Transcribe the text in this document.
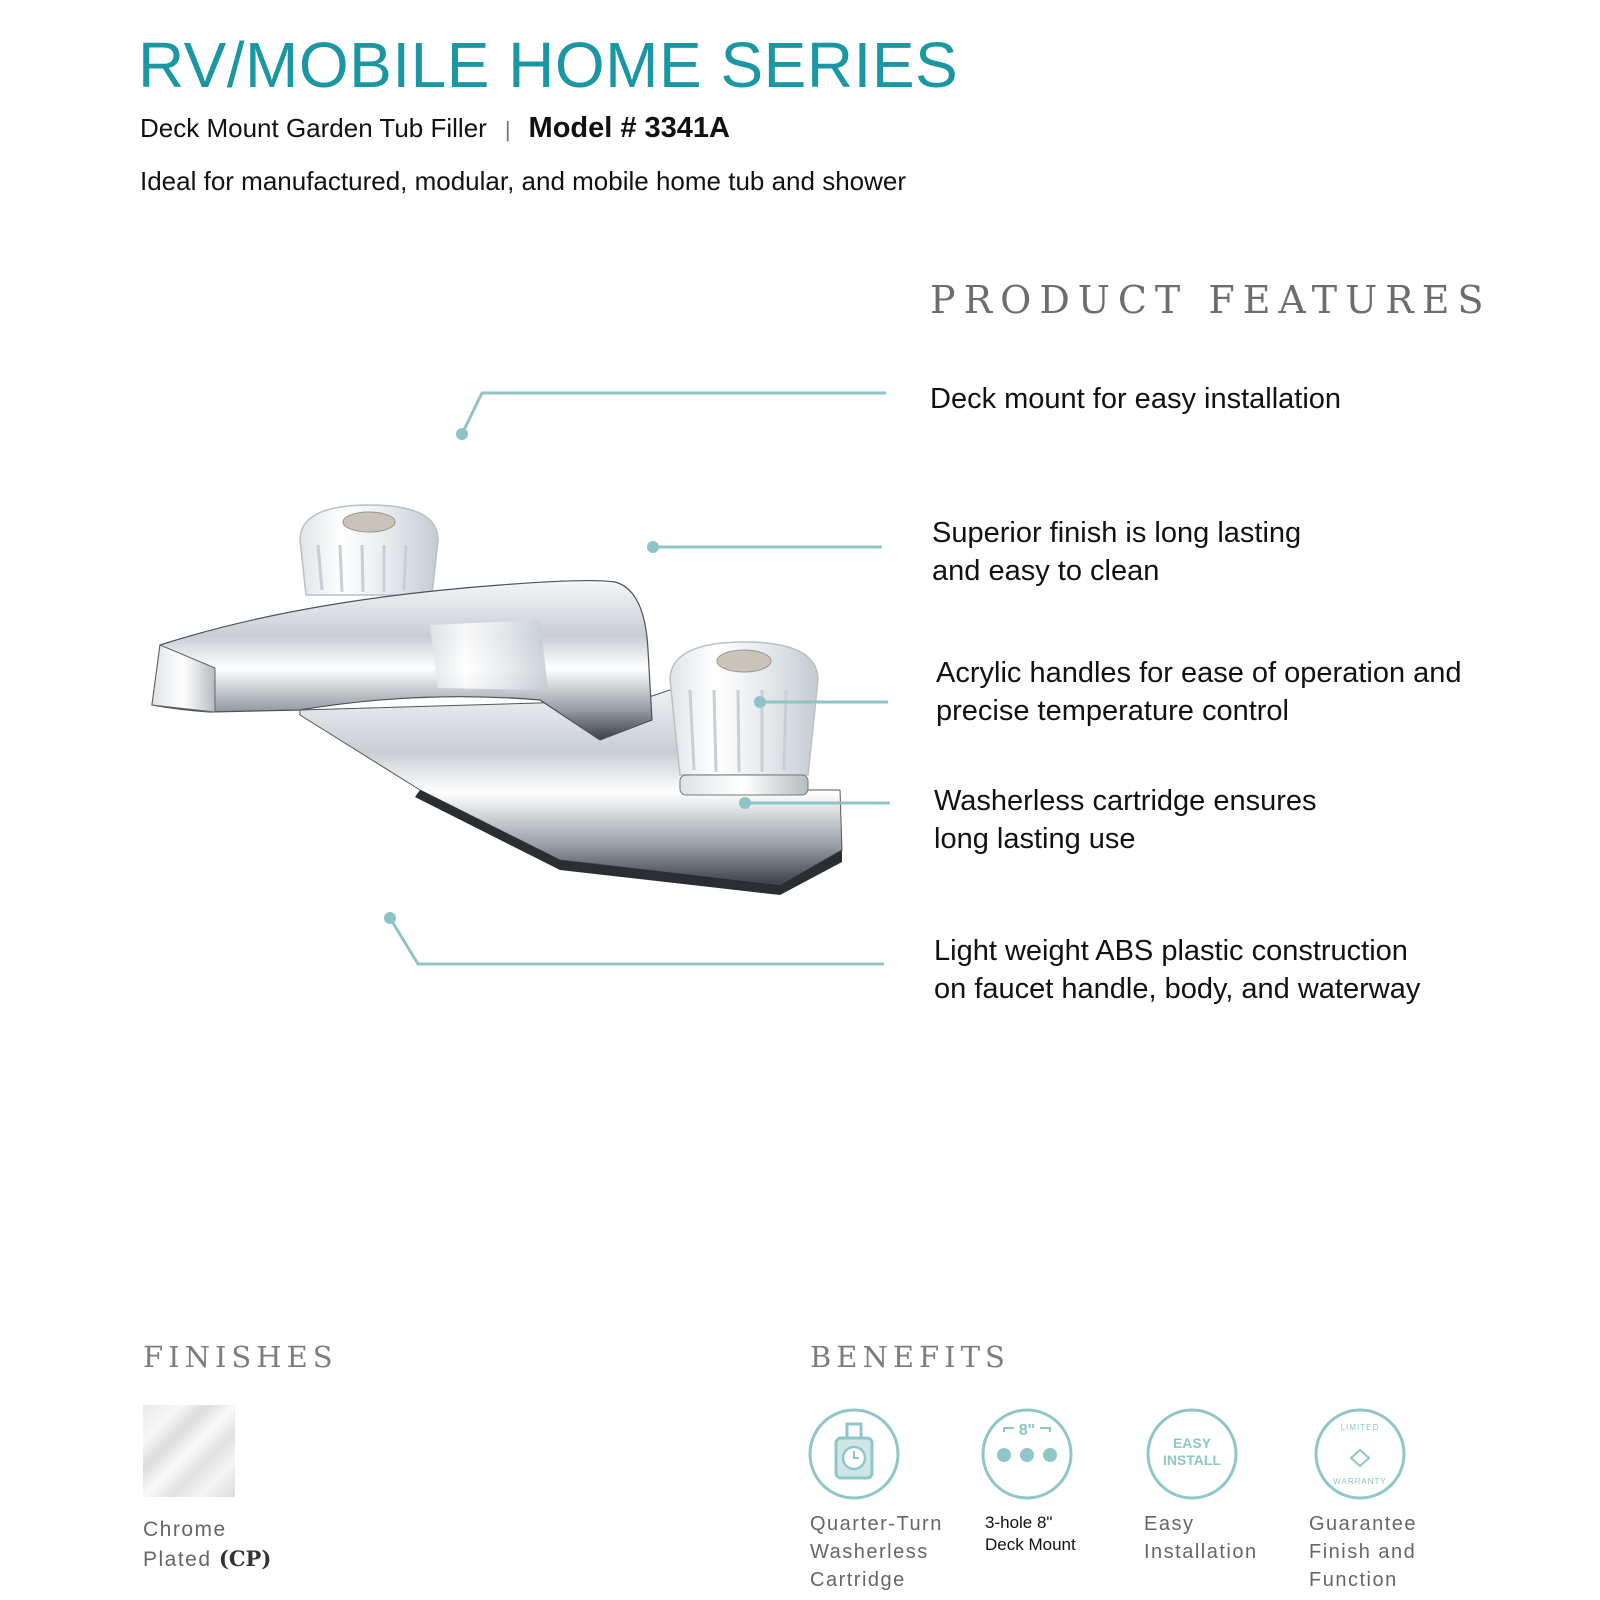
RV/MOBILE HOME SERIES
Deck Mount Garden Tub Filler | Model # 3341A
Ideal for manufactured, modular, and mobile home tub and shower
PRODUCT FEATURES
Deck mount for easy installation
Superior finish is long lasting
and easy to clean
Acrylic handles for ease of operation and
precise temperature control
Washerless cartridge ensures
long lasting use
Light weight ABS plastic construction
on faucet handle, body, and waterway
FINISHES
Chrome
Plated (CP)
BENEFITS
8"
EASY
INSTALL
LIMITED
WARRANTY
Quarter-Turn
Washerless
Cartridge
3-hole 8"
Deck Mount
Easy
Installation
Guarantee
Finish and
Function
